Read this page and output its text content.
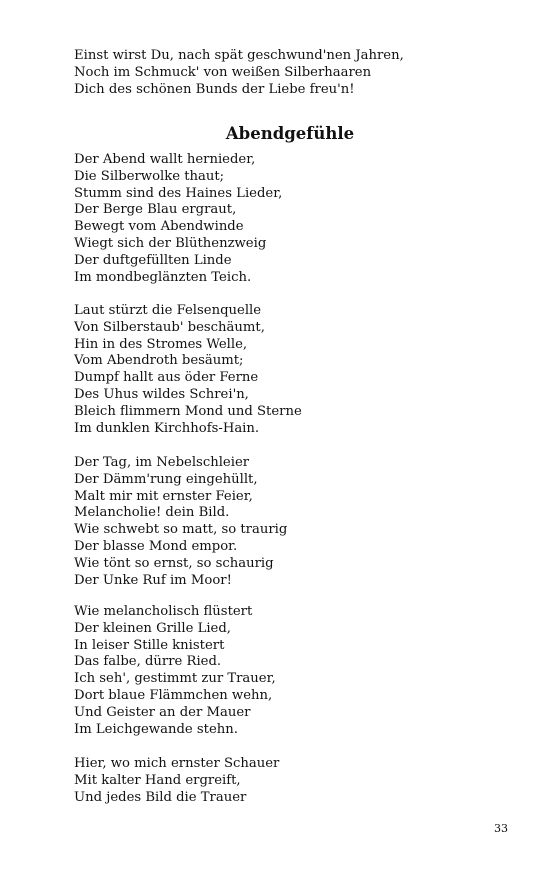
Einst wirst Du, nach spät geschwund'nen Jahren,
Noch im Schmuck' von weißen Silberhaaren
Dich des schönen Bunds der Liebe freu'n!
Abendgefühle
Der Abend wallt hernieder,
Die Silberwolke thaut;
Stumm sind des Haines Lieder,
Der Berge Blau ergraut,
Bewegt vom Abendwinde
Wiegt sich der Blüthenzweig
Der duftgefüllten Linde
Im mondbeglänzten Teich.
Laut stürzt die Felsenquelle
Von Silberstaub' beschäumt,
Hin in des Stromes Welle,
Vom Abendroth besäumt;
Dumpf hallt aus öder Ferne
Des Uhus wildes Schrei'n,
Bleich flimmern Mond und Sterne
Im dunklen Kirchhofs-Hain.
Der Tag, im Nebelschleier
Der Dämm'rung eingehüllt,
Malt mir mit ernster Feier,
Melancholie! dein Bild.
Wie schwebt so matt, so traurig
Der blasse Mond empor.
Wie tönt so ernst, so schaurig
Der Unke Ruf im Moor!
Wie melancholisch flüstert
Der kleinen Grille Lied,
In leiser Stille knistert
Das falbe, dürre Ried.
Ich seh', gestimmt zur Trauer,
Dort blaue Flämmchen wehn,
Und Geister an der Mauer
Im Leichgewande stehn.
Hier, wo mich ernster Schauer
Mit kalter Hand ergreift,
Und jedes Bild die Trauer
33
